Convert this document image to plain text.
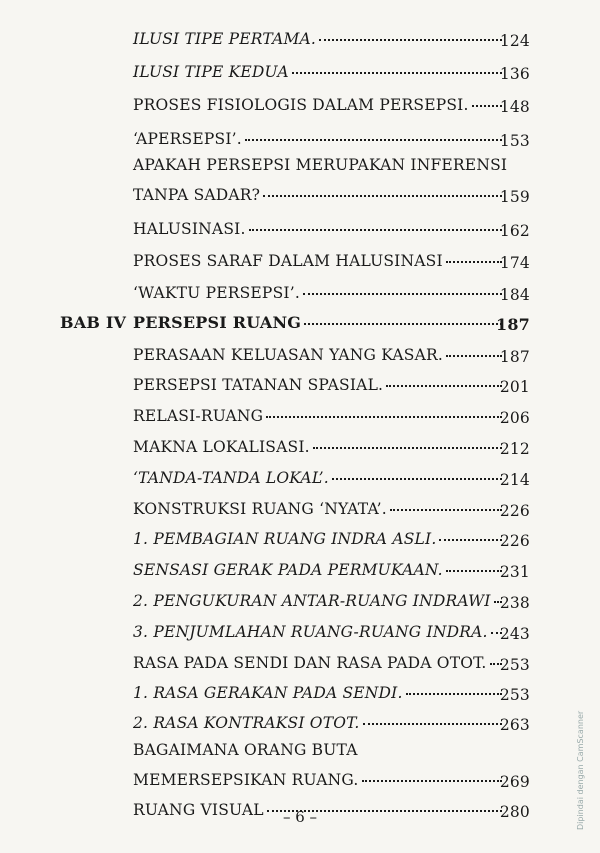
ILUSI TIPE PERTAMA.	124
ILUSI TIPE KEDUA	136
PROSES FISIOLOGIS DALAM PERSEPSI.	148
‘APERSEPSI’.	153
APAKAH PERSEPSI MERUPAKAN INFERENSI
TANPA SADAR?	159
HALUSINASI.	162
PROSES SARAF DALAM HALUSINASI	174
‘WAKTU PERSEPSI’.	184
BAB IV PERSEPSI RUANG	187
PERASAAN KELUASAN YANG KASAR.	187
PERSEPSI TATANAN SPASIAL.	201
RELASI-RUANG	206
MAKNA LOKALISASI.	212
‘TANDA-TANDA LOKAL’.	214
KONSTRUKSI RUANG ‘NYATA’.	226
1. PEMBAGIAN RUANG INDRA ASLI.	226
SENSASI GERAK PADA PERMUKAAN.	231
2. PENGUKURAN ANTAR-RUANG INDRAWI 238
3. PENJUMLAHAN RUANG-RUANG INDRA. 243
RASA PADA SENDI DAN RASA PADA OTOT. 253
1. RASA GERAKAN PADA SENDI.	253
2. RASA KONTRAKSI OTOT.	263
BAGAIMANA ORANG BUTA
MEMERSEPSIKAN RUANG.	269
RUANG VISUAL	280
– 6 –	Dipindai dengan CamScanner
